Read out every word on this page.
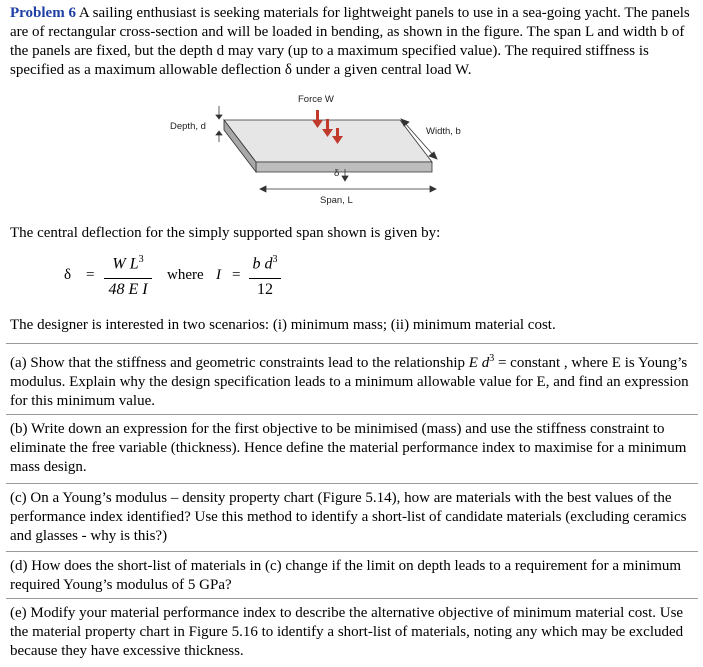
Problem 6 A sailing enthusiast is seeking materials for lightweight panels to use in a sea-going yacht. The panels are of rectangular cross-section and will be loaded in bending, as shown in the figure. The span L and width b of the panels are fixed, but the depth d may vary (up to a maximum specified value). The required stiffness is specified as a maximum allowable deflection δ under a given central load W.
Force W
Depth, d	Width, b
δ
Span, L
The central deflection for the simply supported span shown is given by:
δ =
W $L^3$
48 E I
where I =
b $d^3$
12
The designer is interested in two scenarios: (i) minimum mass; (ii) minimum material cost.
(a) Show that the stiffness and geometric constraints lead to the relationship E $d^3$ = constant , where E is Young’s modulus. Explain why the design specification leads to a minimum allowable value for E, and find an expression for this minimum value.
(b) Write down an expression for the first objective to be minimised (mass) and use the stiffness constraint to eliminate the free variable (thickness). Hence define the material performance index to maximise for a minimum mass design.
(c) On a Young’s modulus – density property chart (Figure 5.14), how are materials with the best values of the performance index identified? Use this method to identify a short-list of candidate materials (excluding ceramics and glasses - why is this?)
(d) How does the short-list of materials in (c) change if the limit on depth leads to a requirement for a minimum required Young’s modulus of 5 GPa?
(e) Modify your material performance index to describe the alternative objective of minimum material cost. Use the material property chart in Figure 5.16 to identify a short-list of materials, noting any which may be excluded because they have excessive thickness.
